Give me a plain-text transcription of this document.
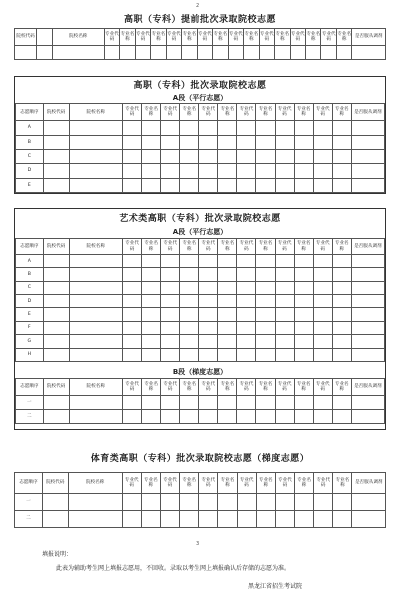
2
高职（专科）提前批次录取院校志愿
院校代码		院校名称	专业代码	专业名称	专业代码	专业名称	专业代码	专业名称	专业代码	专业名称	专业代码	专业名称	专业代码	专业名称	专业代码	专业名称	专业代码	专业名称	是否服从调剂

高职（专科）批次录取院校志愿
A段（平行志愿）
志愿顺序	院校代码	院校名称	专业代码	专业名称	专业代码	专业名称	专业代码	专业名称	专业代码	专业名称	专业代码	专业名称	专业代码	专业名称	是否服从调剂
A															
B															
C															
D															
E															
艺术类高职（专科）批次录取院校志愿
A段（平行志愿）
志愿顺序	院校代码	院校名称	专业代码	专业名称	专业代码	专业名称	专业代码	专业名称	专业代码	专业名称	专业代码	专业名称	专业代码	专业名称	是否服从调剂
A															
B															
C															
D															
E															
F															
G															
H															
B段（梯度志愿）
志愿顺序	院校代码	院校名称	专业代码	专业名称	专业代码	专业名称	专业代码	专业名称	专业代码	专业名称	专业代码	专业名称	专业代码	专业名称	是否服从调剂
一															
二															
体育类高职（专科）批次录取院校志愿（梯度志愿）
志愿顺序	院校代码	院校名称	专业代码	专业名称	专业代码	专业名称	专业代码	专业名称	专业代码	专业名称	专业代码	专业名称	专业代码	专业名称	是否服从调剂
一															
二															
3
填报说明：
此表为辅助考生网上填报志愿用，不回收。录取以考生网上填报确认后存储的志愿为准。
黑龙江省招生考试院
